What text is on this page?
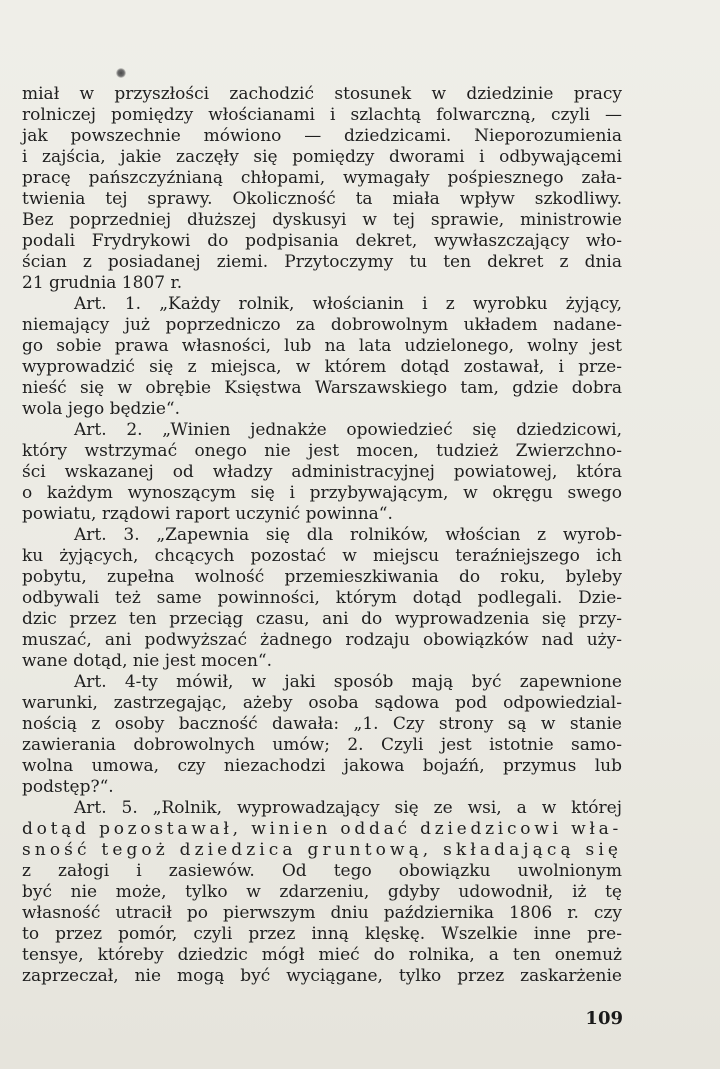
miał w przyszłości zachodzić stosunek w dziedzinie pracy
rolniczej pomiędzy włościanami i szlachtą folwarczną, czyli —
jak powszechnie mówiono — dziedzicami. Nieporozumienia
i zajścia, jakie zaczęły się pomiędzy dworami i odbywającemi
pracę pańszczyźnianą chłopami, wymagały pośpiesznego zała-
twienia tej sprawy. Okoliczność ta miała wpływ szkodliwy.
Bez poprzedniej dłuższej dyskusyi w tej sprawie, ministrowie
podali Frydrykowi do podpisania dekret, wywłaszczający wło-
ścian z posiadanej ziemi. Przytoczymy tu ten dekret z dnia
21 grudnia 1807 r.
Art. 1. „Każdy rolnik, włościanin i z wyrobku żyjący,
niemający już poprzedniczo za dobrowolnym układem nadane-
go sobie prawa własności, lub na lata udzielonego, wolny jest
wyprowadzić się z miejsca, w którem dotąd zostawał, i prze-
nieść się w obrębie Księstwa Warszawskiego tam, gdzie dobra
wola jego będzie“.
Art. 2. „Winien jednakże opowiedzieć się dziedzicowi,
który wstrzymać onego nie jest mocen, tudzież Zwierzchno-
ści wskazanej od władzy administracyjnej powiatowej, która
o każdym wynoszącym się i przybywającym, w okręgu swego
powiatu, rządowi raport uczynić powinna“.
Art. 3. „Zapewnia się dla rolników, włościan z wyrob-
ku żyjących, chcących pozostać w miejscu teraźniejszego ich
pobytu, zupełna wolność przemieszkiwania do roku, byleby
odbywali też same powinności, którym dotąd podlegali. Dzie-
dzic przez ten przeciąg czasu, ani do wyprowadzenia się przy-
muszać, ani podwyższać żadnego rodzaju obowiązków nad uży-
wane dotąd, nie jest mocen“.
Art. 4-ty mówił, w jaki sposób mają być zapewnione
warunki, zastrzegając, ażeby osoba sądowa pod odpowiedzial-
nością z osoby baczność dawała: „1. Czy strony są w stanie
zawierania dobrowolnych umów; 2. Czyli jest istotnie samo-
wolna umowa, czy niezachodzi jakowa bojaźń, przymus lub
podstęp?“.
Art. 5. „Rolnik, wyprowadzający się ze wsi, a w której
dotąd pozostawał, winien oddać dziedzicowi wła-
sność tegoż dziedzica gruntową, składającą się
z załogi i zasiewów. Od tego obowiązku uwolnionym
być nie może, tylko w zdarzeniu, gdyby udowodnił, iż tę
własność utracił po pierwszym dniu października 1806 r. czy
to przez pomór, czyli przez inną klęskę. Wszelkie inne pre-
tensye, któreby dziedzic mógł mieć do rolnika, a ten onemuż
zaprzeczał, nie mogą być wyciągane, tylko przez zaskarżenie
109
